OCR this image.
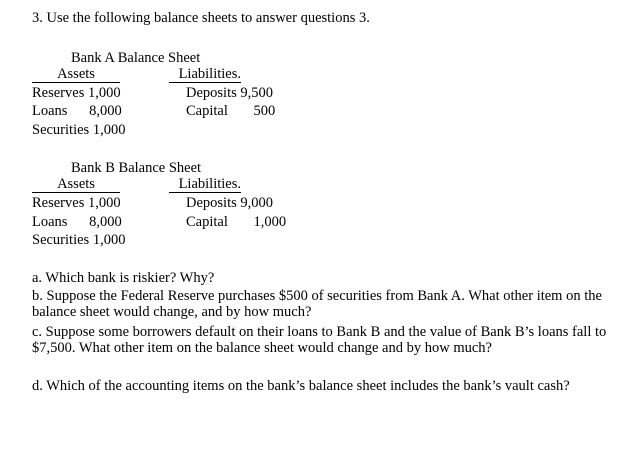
3. Use the following balance sheets to answer questions 3.
Bank A Balance Sheet
Assets	Liabilities.
Reserves 1,000
Loans 8,000
Securities 1,000
Deposits 9,500
Capital 500
Bank B Balance Sheet
Assets	Liabilities.
Reserves 1,000
Loans 8,000
Securities 1,000
Deposits 9,000
Capital 1,000
a. Which bank is riskier? Why?
b. Suppose the Federal Reserve purchases $500 of securities from Bank A. What other item on the balance sheet would change, and by how much?
c. Suppose some borrowers default on their loans to Bank B and the value of Bank B’s loans fall to $7,500. What other item on the balance sheet would change and by how much?
d. Which of the accounting items on the bank’s balance sheet includes the bank’s vault cash?
